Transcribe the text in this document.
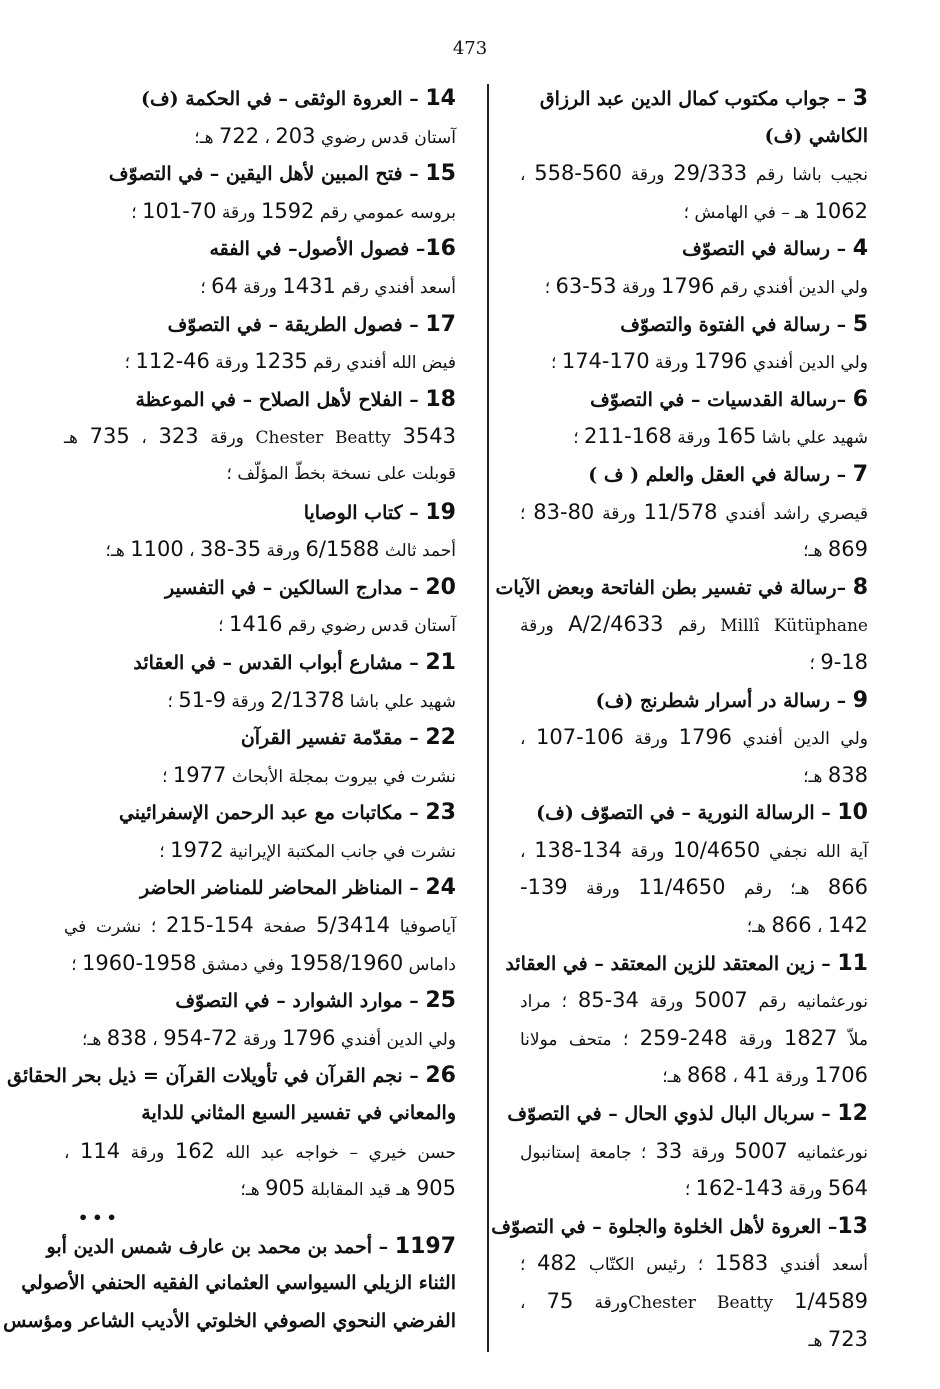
473
3 – جواب مكتوب كمال الدين عبد الرزاق
الكاشي (ف)
نجيب باشا رقم 29/333 ورقة 560-558 ،
1062 هـ – في الهامش ؛
4 – رسالة في التصوّف
ولي الدين أفندي رقم 1796 ورقة 53-63 ؛
5 – رسالة في الفتوة والتصوّف
ولي الدين أفندي 1796 ورقة 170-174 ؛
6 –رسالة القدسيات – في التصوّف
شهيد علي باشا 165 ورقة 168-211 ؛
7 – رسالة في العقل والعلم ( ف )
قيصري راشد أفندي 11/578 ورقة 80-83 ؛
869 هـ؛
8 –رسالة في تفسير بطن الفاتحة وبعض الآيات
Millî Kütüphane رقم 2/4633/A ورقة
9-18 ؛
9 – رسالة در أسرار شطرنج (ف)
ولي الدين أفندي 1796 ورقة 106-107 ،
838 هـ؛
10 – الرسالة النورية – في التصوّف (ف)
آية الله نجفي 10/4650 ورقة 134-138 ،
866 هـ؛ رقم 11/4650 ورقة 139-
142 ، 866 هـ؛
11 – زين المعتقد للزين المعتقد – في العقائد
نورعثمانيه رقم 5007 ورقة 34-85 ؛ مراد
ملاّ 1827 ورقة 248-259 ؛ متحف مولانا
1706 ورقة 41 ، 868 هـ؛
12 – سربال البال لذوي الحال – في التصوّف
نورعثمانيه 5007 ورقة 33 ؛ جامعة إستانبول
564 ورقة 143-162 ؛
13– العروة لأهل الخلوة والجلوة – في التصوّف
أسعد أفندي 1583 ؛ رئيس الكتّاب 482 ؛
Chester Beatty 1/4589ورقة 75 ،
723 هـ
14 – العروة الوثقى – في الحكمة (ف)
آستان قدس رضوي 203 ، 722 هـ؛
15 – فتح المبين لأهل اليقين – في التصوّف
بروسه عمومي رقم 1592 ورقة 70-101 ؛
16– فصول الأصول– في الفقه
أسعد أفندي رقم 1431 ورقة 64 ؛
17 – فصول الطريقة – في التصوّف
فيض الله أفندي رقم 1235 ورقة 46-112 ؛
18 – الفلاح لأهل الصلاح – في الموعظة
Chester Beatty 3543 ورقة 323 ، 735 هـ
قوبلت على نسخة بخطّ المؤلّف ؛
19 – كتاب الوصايا
أحمد ثالث 6/1588 ورقة 35-38 ، 1100 هـ؛
20 – مدارج السالكين – في التفسير
آستان قدس رضوي رقم 1416 ؛
21 – مشارع أبواب القدس – في العقائد
شهيد علي باشا 2/1378 ورقة 9-51 ؛
22 – مقدّمة تفسير القرآن
نشرت في بيروت بمجلة الأبحاث 1977 ؛
23 – مكاتبات مع عبد الرحمن الإسفرائيني
نشرت في جانب المكتبة الإيرانية 1972 ؛
24 – المناظر المحاضر للمناضر الحاضر
آياصوفيا 5/3414 صفحة 154-215 ؛ نشرت في
داماس 1958/1960 وفي دمشق 1958-1960 ؛
25 – موارد الشوارد – في التصوّف
ولي الدين أفندي 1796 ورقة 72-954 ، 838 هـ؛
26 – نجم القرآن في تأويلات القرآن = ذيل بحر الحقائق
والمعاني في تفسير السبع المثاني للداية
حسن خيري – خواجه عبد الله 162 ورقة 114 ،
905 هـ قيد المقابلة 905 هـ؛
•••
1197 – أحمد بن محمد بن عارف شمس الدين أبو
الثناء الزيلي السيواسي العثماني الفقيه الحنفي الأصولي
الفرضي النحوي الصوفي الخلوتي الأديب الشاعر ومؤسس
